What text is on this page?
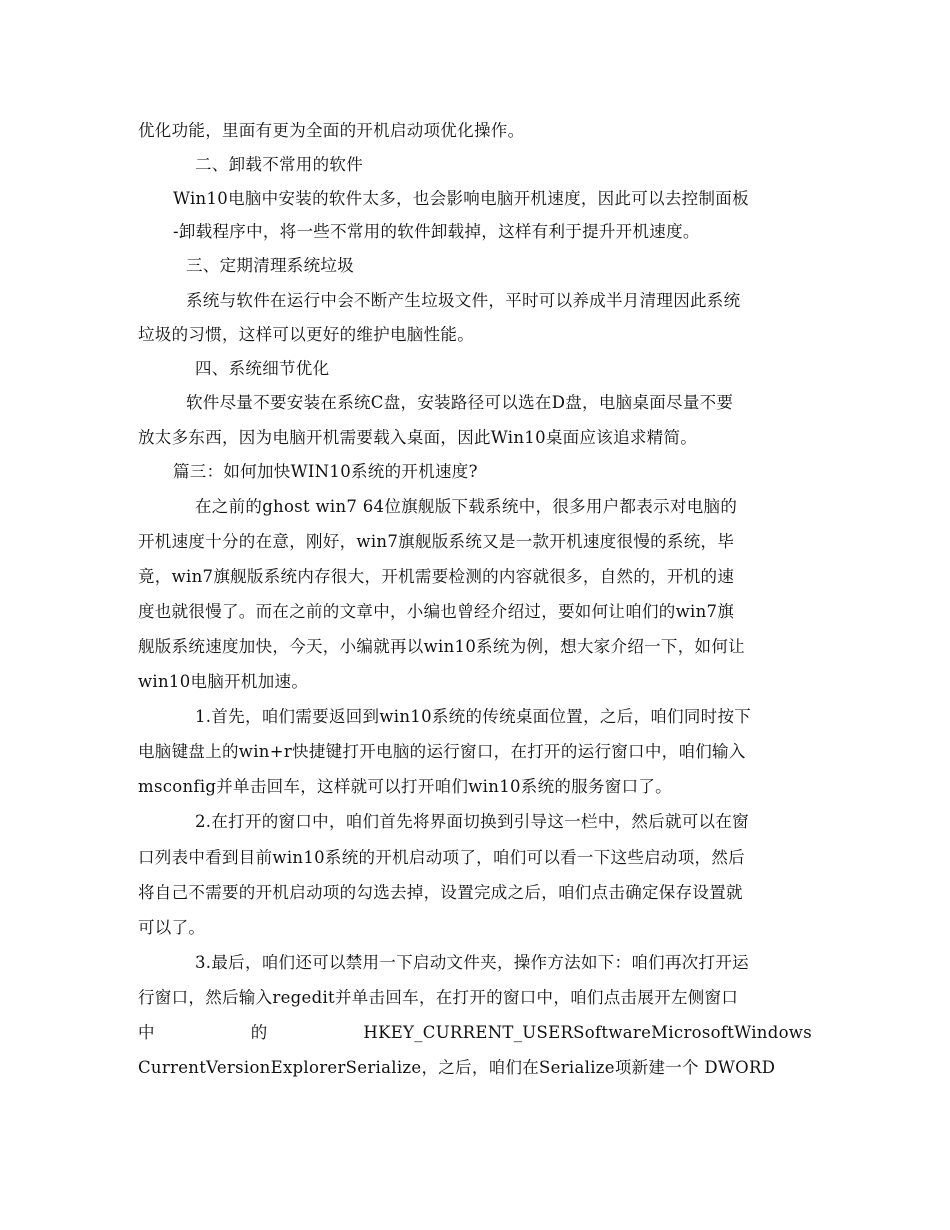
优化功能，里面有更为全面的开机启动项优化操作。
二、卸载不常用的软件
Win10电脑中安装的软件太多，也会影响电脑开机速度，因此可以去控制面板
-卸载程序中，将一些不常用的软件卸载掉，这样有利于提升开机速度。
三、定期清理系统垃圾
系统与软件在运行中会不断产生垃圾文件，平时可以养成半月清理因此系统
垃圾的习惯，这样可以更好的维护电脑性能。
四、系统细节优化
软件尽量不要安装在系统C盘，安装路径可以选在D盘，电脑桌面尽量不要
放太多东西，因为电脑开机需要载入桌面，因此Win10桌面应该追求精简。
篇三：如何加快WIN10系统的开机速度?
在之前的ghost win7 64位旗舰版下载系统中，很多用户都表示对电脑的
开机速度十分的在意，刚好，win7旗舰版系统又是一款开机速度很慢的系统，毕
竟，win7旗舰版系统内存很大，开机需要检测的内容就很多，自然的，开机的速
度也就很慢了。而在之前的文章中，小编也曾经介绍过，要如何让咱们的win7旗
舰版系统速度加快，今天，小编就再以win10系统为例，想大家介绍一下，如何让
win10电脑开机加速。
1.首先，咱们需要返回到win10系统的传统桌面位置，之后，咱们同时按下
电脑键盘上的win+r快捷键打开电脑的运行窗口，在打开的运行窗口中，咱们输入
msconfig并单击回车，这样就可以打开咱们win10系统的服务窗口了。
2.在打开的窗口中，咱们首先将界面切换到引导这一栏中，然后就可以在窗
口列表中看到目前win10系统的开机启动项了，咱们可以看一下这些启动项，然后
将自己不需要的开机启动项的勾选去掉，设置完成之后，咱们点击确定保存设置就
可以了。
3.最后，咱们还可以禁用一下启动文件夹，操作方法如下：咱们再次打开运
行窗口，然后输入regedit并单击回车，在打开的窗口中，咱们点击展开左侧窗口
中	的	HKEY_CURRENT_USERSoftwareMicrosoftWindows
CurrentVersionExplorerSerialize，之后，咱们在Serialize项新建一个 DWORD
